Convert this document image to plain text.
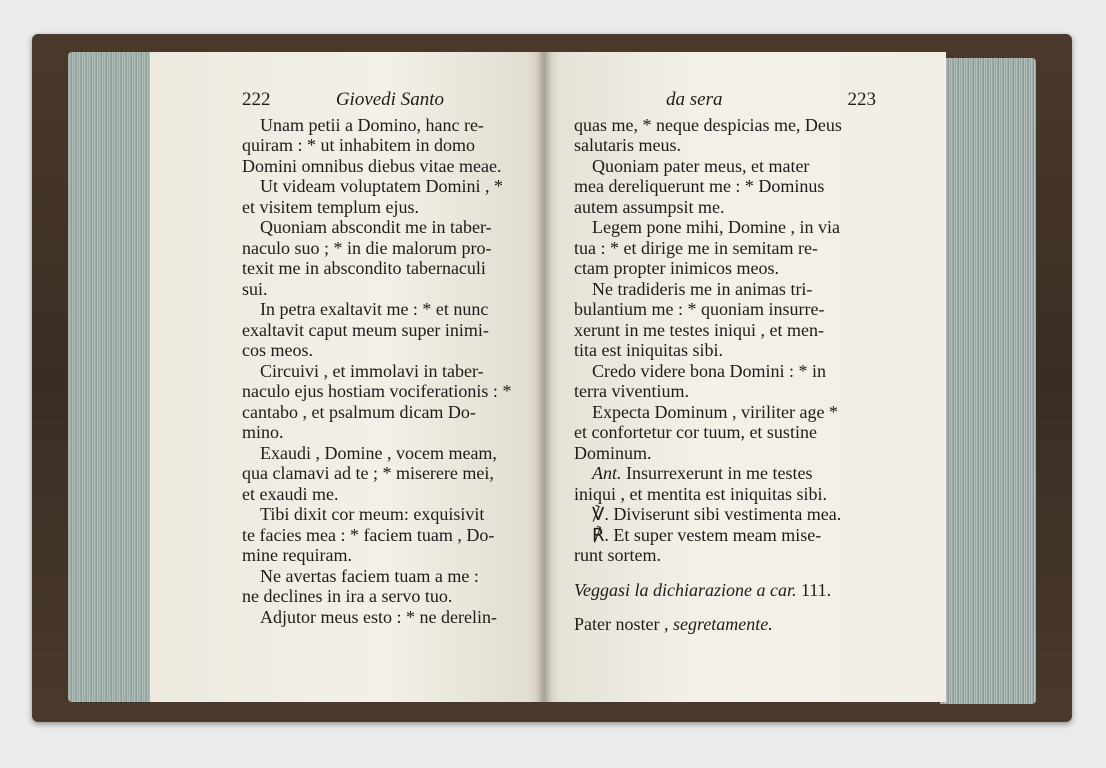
222	Giovedi Santo
Unam petii a Domino, hanc re-
quiram : * ut inhabitem in domo
Domini omnibus diebus vitae meae.
Ut videam voluptatem Domini , *
et visitem templum ejus.
Quoniam abscondit me in taber-
naculo suo ; * in die malorum pro-
texit me in abscondito tabernaculi
sui.
In petra exaltavit me : * et nunc
exaltavit caput meum super inimi-
cos meos.
Circuivi , et immolavi in taber-
naculo ejus hostiam vociferationis : *
cantabo , et psalmum dicam Do-
mino.
Exaudi , Domine , vocem meam,
qua clamavi ad te ; * miserere mei,
et exaudi me.
Tibi dixit cor meum: exquisivit
te facies mea : * faciem tuam , Do-
mine requiram.
Ne avertas faciem tuam a me :
ne declines in ira a servo tuo.
Adjutor meus esto : * ne derelin-
da sera	223
quas me, * neque despicias me, Deus
salutaris meus.
Quoniam pater meus, et mater
mea dereliquerunt me : * Dominus
autem assumpsit me.
Legem pone mihi, Domine , in via
tua : * et dirige me in semitam re-
ctam propter inimicos meos.
Ne tradideris me in animas tri-
bulantium me : * quoniam insurre-
xerunt in me testes iniqui , et men-
tita est iniquitas sibi.
Credo videre bona Domini : * in
terra viventium.
Expecta Dominum , viriliter age *
et confortetur cor tuum, et sustine
Dominum.
Ant. Insurrexerunt in me testes
iniqui , et mentita est iniquitas sibi.
℣. Diviserunt sibi vestimenta mea.
℟. Et super vestem meam mise-
runt sortem.
Veggasi la dichiarazione a car. 111.
Pater noster , segretamente.
